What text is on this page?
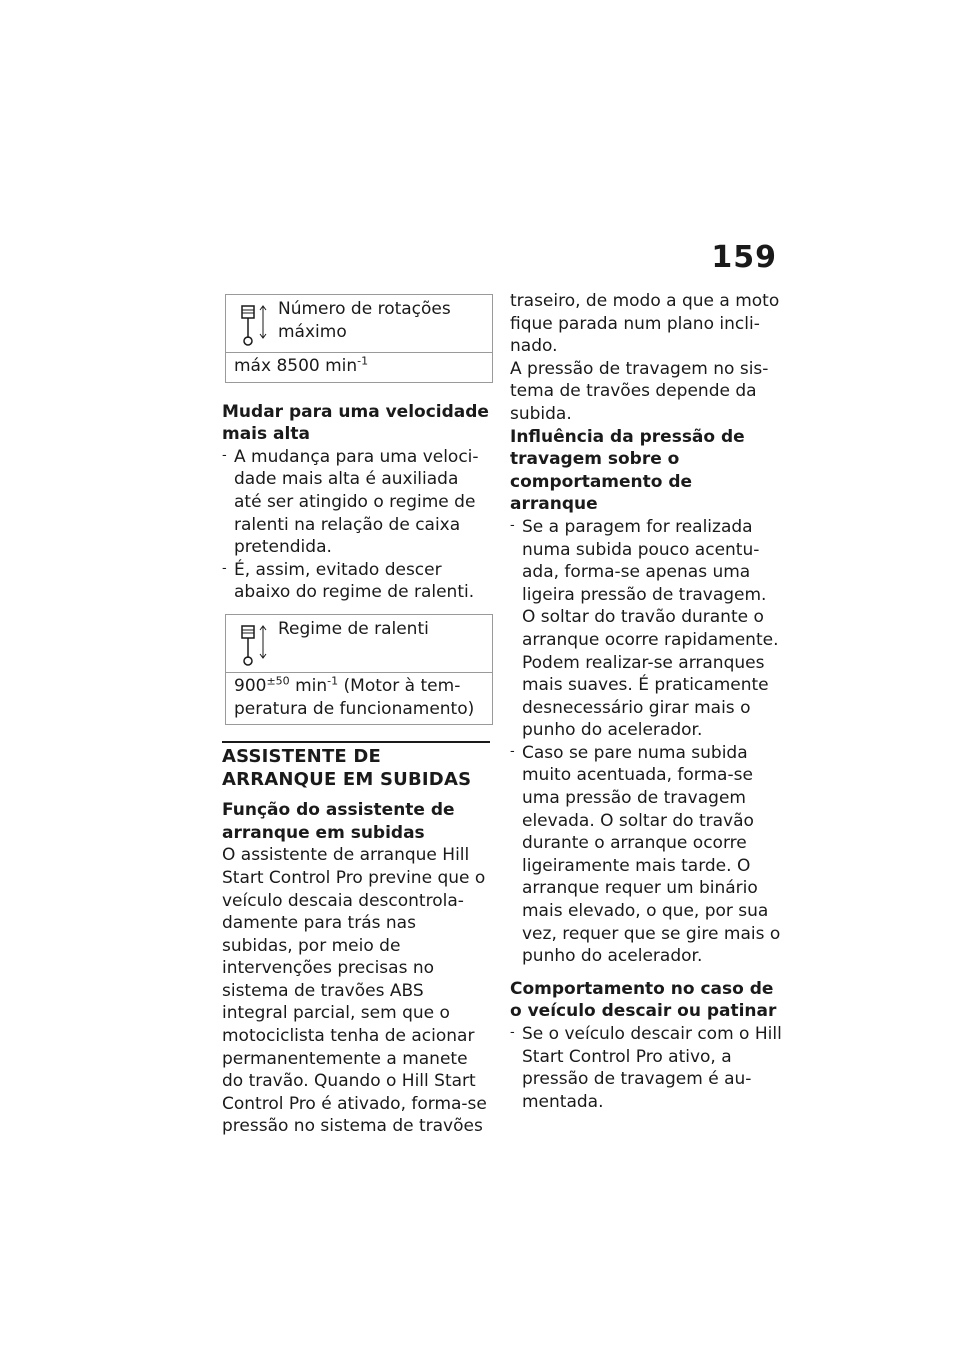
159
Número de rotações máximo
máx 8500 $\min^{-1}$

Mudar para uma velocidade mais alta

- A mudança para uma velocidade mais alta é auxiliada até ser atingido o regime de ralenti na relação de caixa pretendida.
- É, assim, evitado descer abaixo do regime de ralenti.
Regime de ralenti
$900^{\pm 50}$ $\min^{-1}$ (Motor à temperatura de funcionamento)
ASSISTENTE DE ARRANQUE EM SUBIDAS

Função do assistente de arranque em subidas

O assistente de arranque Hill Start Control Pro previne que o veículo descaia descontroladamente para trás nas subidas, por meio de intervenções precisas no sistema de travões ABS integral parcial, sem que o motociclista tenha de acionar permanentemente a manete do travão. Quando o Hill Start Control Pro é ativado, forma-se pressão no sistema de travões

traseiro, de modo a que a moto fique parada num plano inclinado.

A pressão de travagem no sistema de travões depende da subida.

Influência da pressão de travagem sobre o comportamento de arranque

- Se a paragem for realizada numa subida pouco acentuada, forma-se apenas uma ligeira pressão de travagem. O soltar do travão durante o arranque ocorre rapidamente. Podem realizar-se arranques mais suaves. É praticamente desnecessário girar mais o punho do acelerador.
- Caso se pare numa subida muito acentuada, forma-se uma pressão de travagem elevada. O soltar do travão durante o arranque ocorre ligeiramente mais tarde. O arranque requer um binário mais elevado, o que, por sua vez, requer que se gire mais o punho do acelerador.

Comportamento no caso de o veículo descair ou patinar

- Se o veículo descair com o Hill Start Control Pro ativo, a pressão de travagem é aumentada.
